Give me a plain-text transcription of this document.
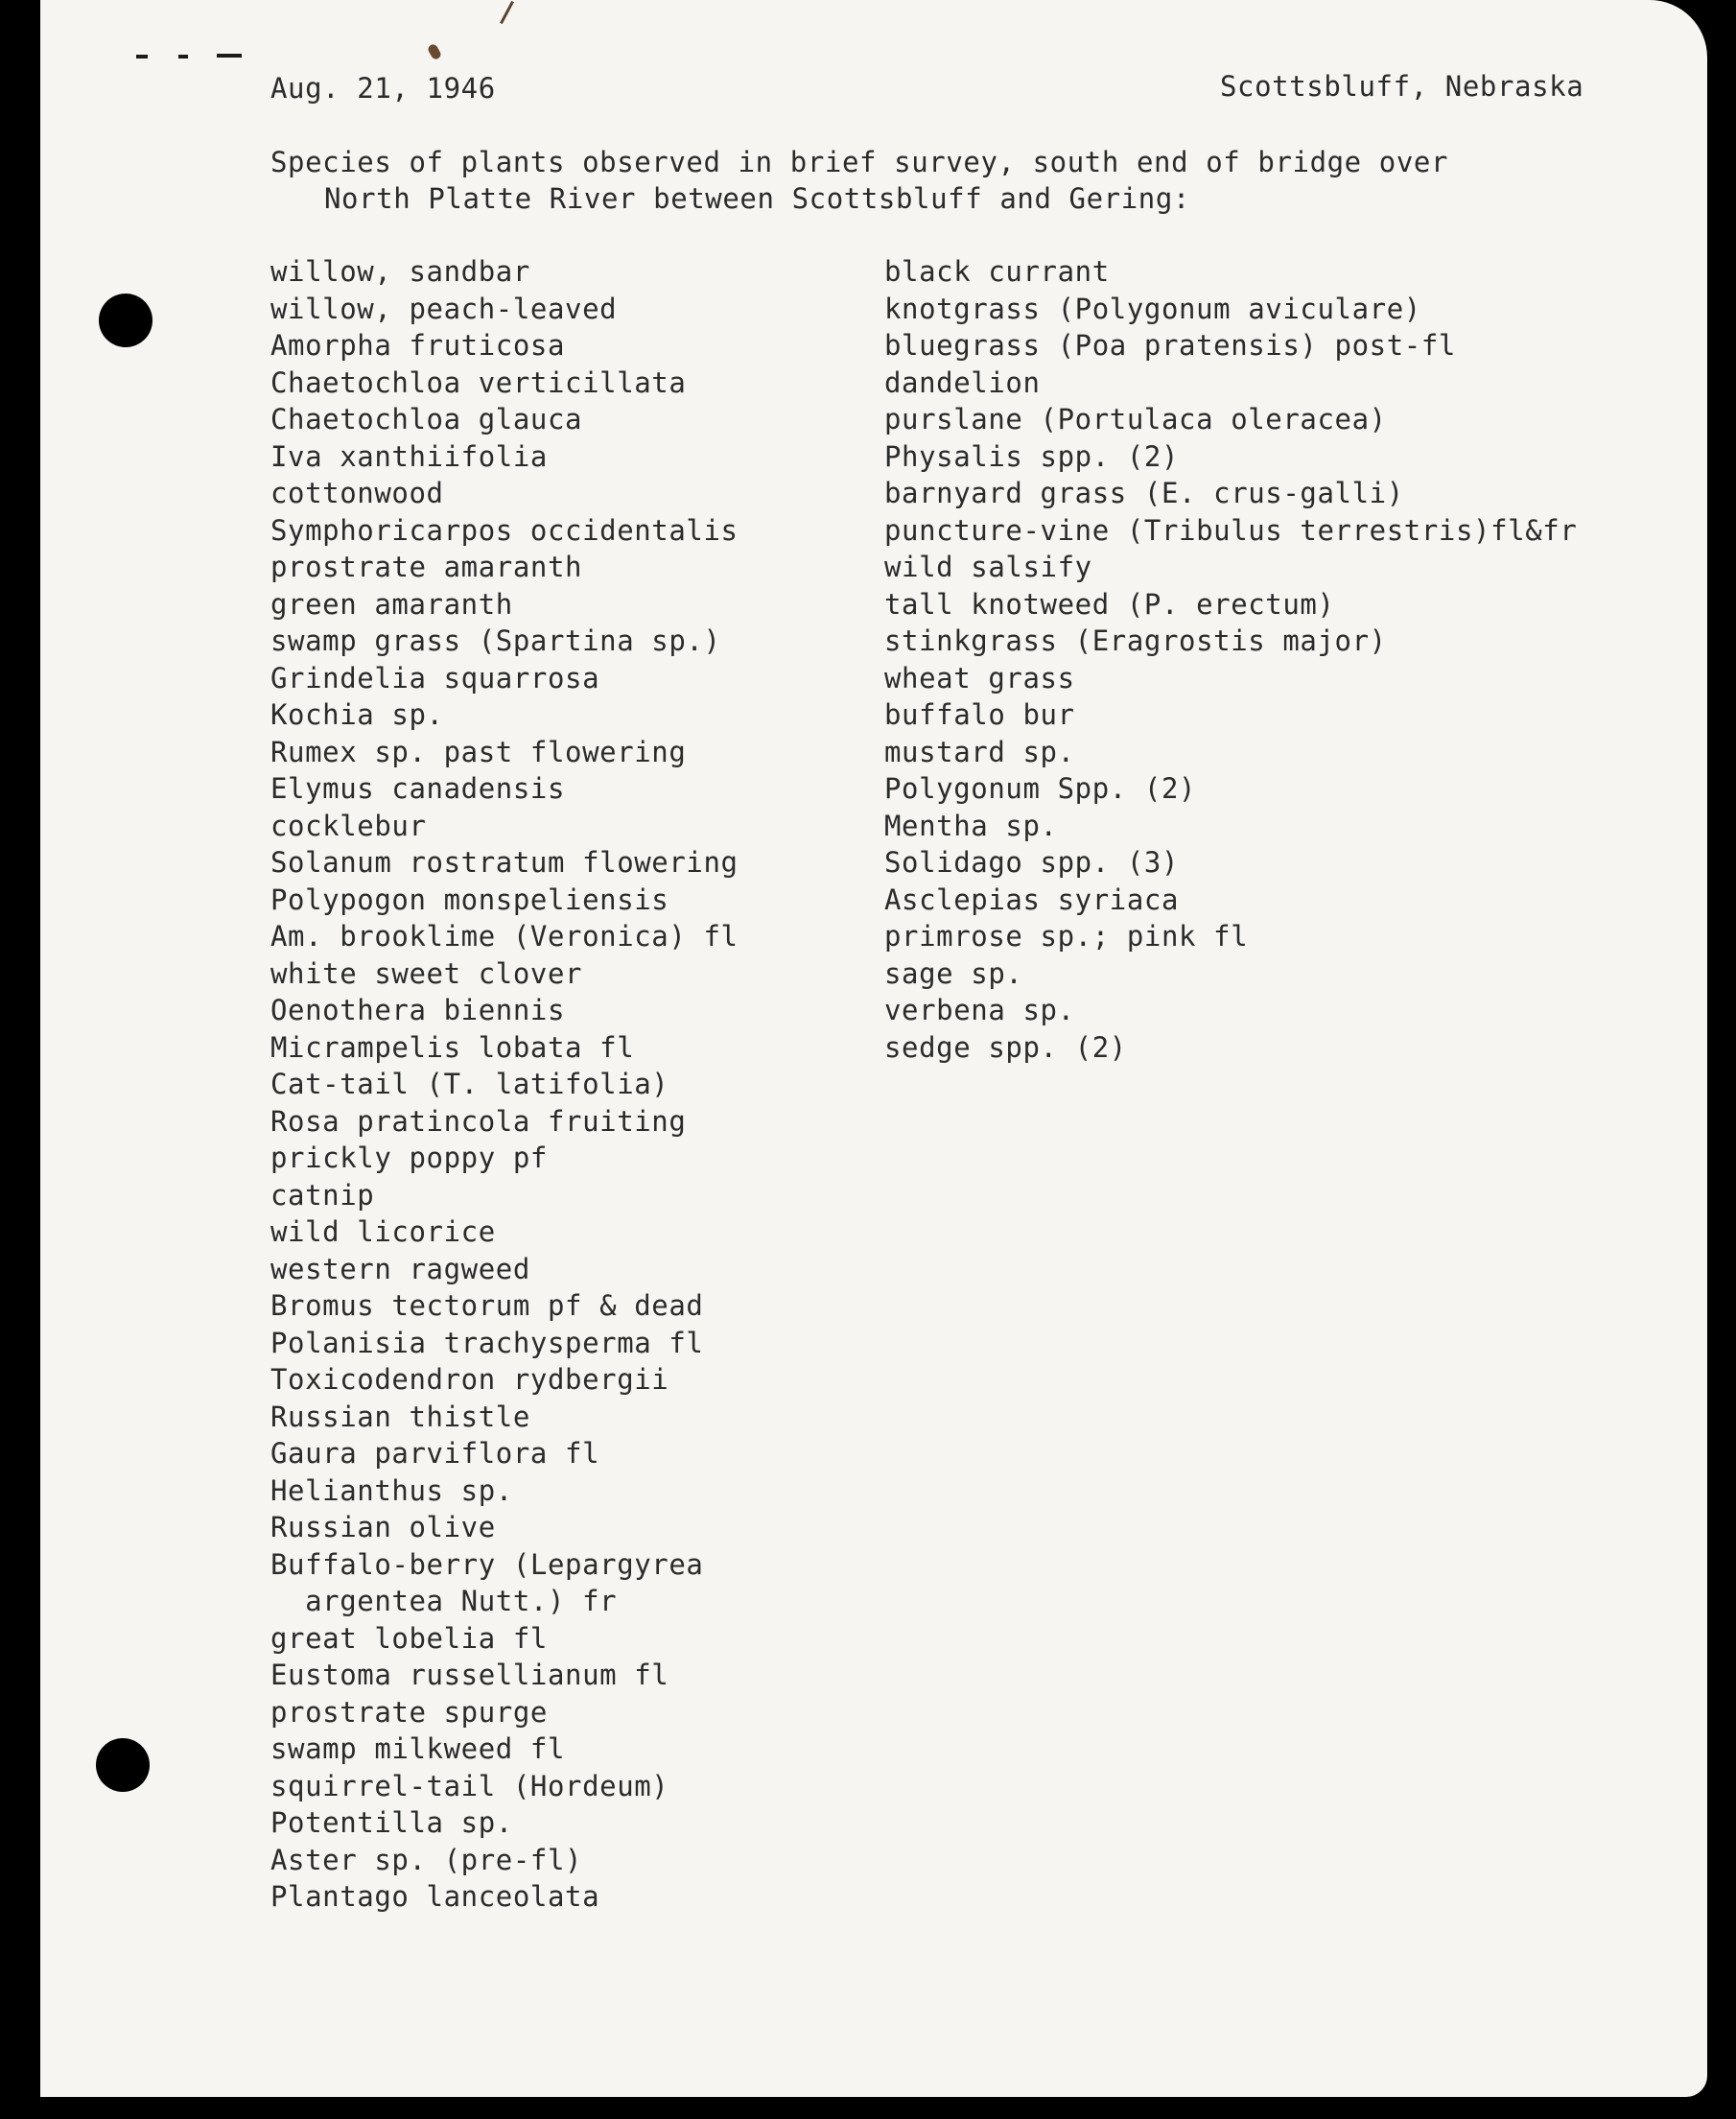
Aug. 21, 1946	Scottsbluff, Nebraska
Species of plants observed in brief survey, south end of bridge over
North Platte River between Scottsbluff and Gering:
willow, sandbar
willow, peach-leaved
Amorpha fruticosa
Chaetochloa verticillata
Chaetochloa glauca
Iva xanthiifolia
cottonwood
Symphoricarpos occidentalis
prostrate amaranth
green amaranth
swamp grass (Spartina sp.)
Grindelia squarrosa
Kochia sp.
Rumex sp. past flowering
Elymus canadensis
cocklebur
Solanum rostratum flowering
Polypogon monspeliensis
Am. brooklime (Veronica) fl
white sweet clover
Oenothera biennis
Micrampelis lobata fl
Cat-tail (T. latifolia)
Rosa pratincola fruiting
prickly poppy pf
catnip
wild licorice
western ragweed
Bromus tectorum pf & dead
Polanisia trachysperma fl
Toxicodendron rydbergii
Russian thistle
Gaura parviflora fl
Helianthus sp.
Russian olive
Buffalo-berry (Lepargyrea
argentea Nutt.) fr
great lobelia fl
Eustoma russellianum fl
prostrate spurge
swamp milkweed fl
squirrel-tail (Hordeum)
Potentilla sp.
Aster sp. (pre-fl)
Plantago lanceolata
black currant
knotgrass (Polygonum aviculare)
bluegrass (Poa pratensis) post-fl
dandelion
purslane (Portulaca oleracea)
Physalis spp. (2)
barnyard grass (E. crus-galli)
puncture-vine (Tribulus terrestris)fl&fr
wild salsify
tall knotweed (P. erectum)
stinkgrass (Eragrostis major)
wheat grass
buffalo bur
mustard sp.
Polygonum Spp. (2)
Mentha sp.
Solidago spp. (3)
Asclepias syriaca
primrose sp.; pink fl
sage sp.
verbena sp.
sedge spp. (2)
